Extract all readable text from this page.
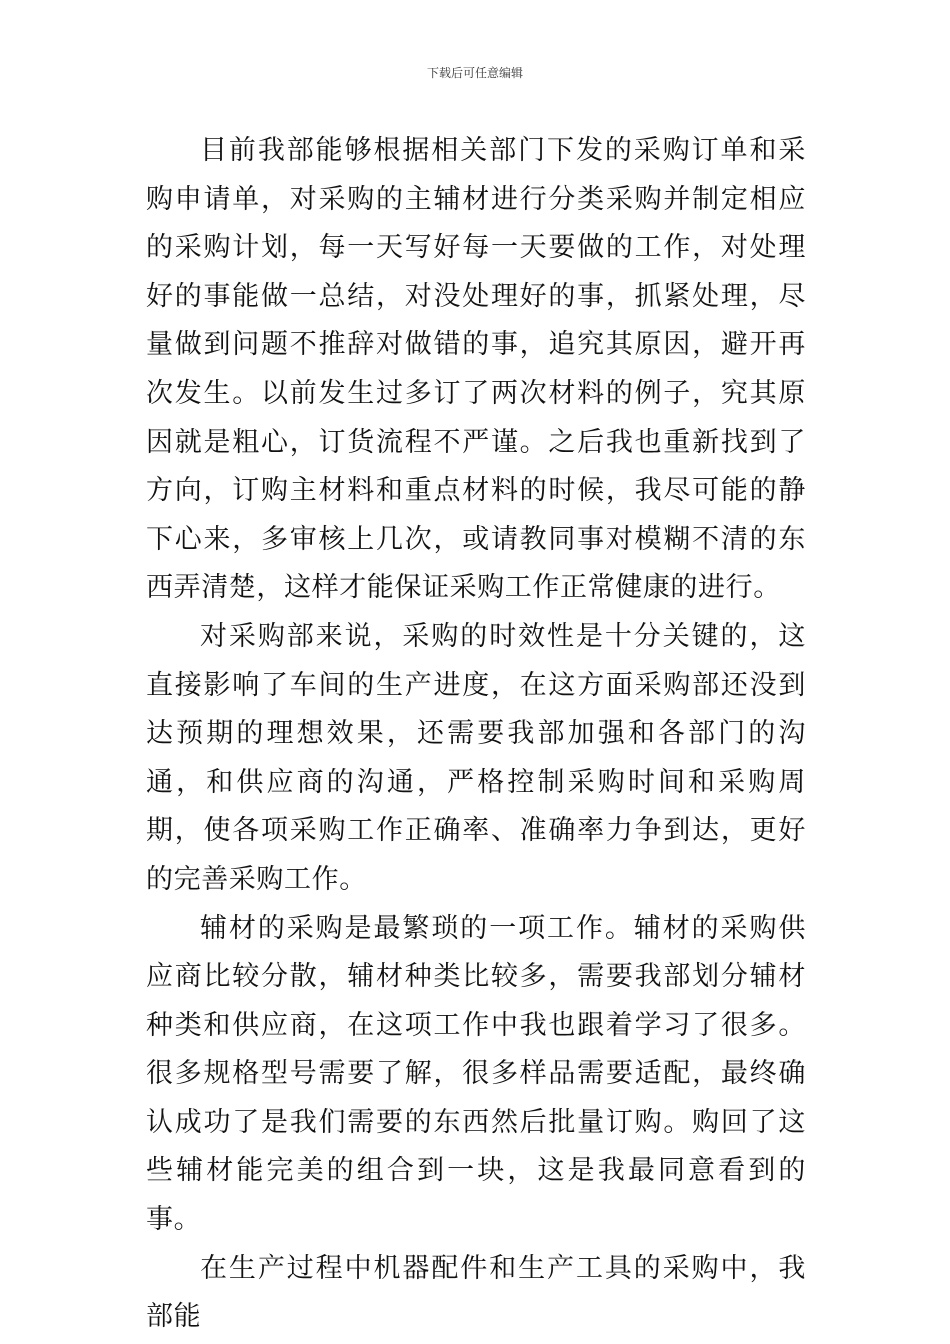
下载后可任意编辑

目前我部能够根据相关部门下发的采购订单和采购申请单，对采购的主辅材进行分类采购并制定相应的采购计划，每一天写好每一天要做的工作，对处理好的事能做一总结，对没处理好的事，抓紧处理，尽量做到问题不推辞对做错的事，追究其原因，避开再次发生。以前发生过多订了两次材料的例子，究其原因就是粗心，订货流程不严谨。之后我也重新找到了方向，订购主材料和重点材料的时候，我尽可能的静下心来，多审核上几次，或请教同事对模糊不清的东西弄清楚，这样才能保证采购工作正常健康的进行。

对采购部来说，采购的时效性是十分关键的，这直接影响了车间的生产进度，在这方面采购部还没到达预期的理想效果，还需要我部加强和各部门的沟通，和供应商的沟通，严格控制采购时间和采购周期，使各项采购工作正确率、准确率力争到达，更好的完善采购工作。

辅材的采购是最繁琐的一项工作。辅材的采购供应商比较分散，辅材种类比较多，需要我部划分辅材种类和供应商，在这项工作中我也跟着学习了很多。很多规格型号需要了解，很多样品需要适配，最终确认成功了是我们需要的东西然后批量订购。购回了这些辅材能完美的组合到一块，这是我最同意看到的事。

在生产过程中机器配件和生产工具的采购中，我部能
